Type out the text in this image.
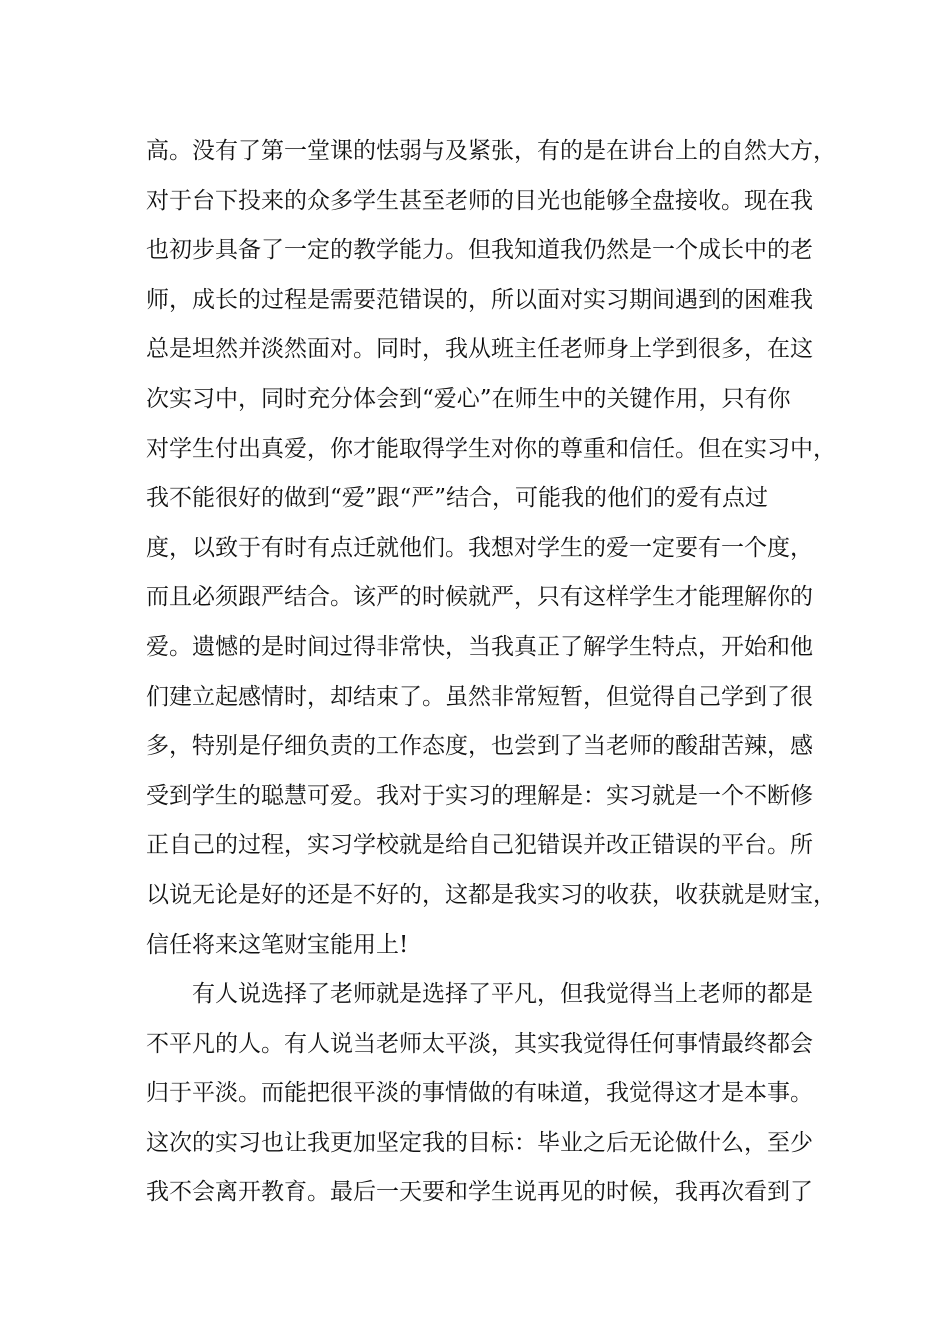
高。没有了第一堂课的怯弱与及紧张，有的是在讲台上的自然大方，
对于台下投来的众多学生甚至老师的目光也能够全盘接收。现在我
也初步具备了一定的教学能力。但我知道我仍然是一个成长中的老
师，成长的过程是需要范错误的，所以面对实习期间遇到的困难我
总是坦然并淡然面对。同时，我从班主任老师身上学到很多，在这
次实习中，同时充分体会到“爱心”在师生中的关键作用，只有你
对学生付出真爱，你才能取得学生对你的尊重和信任。但在实习中，
我不能很好的做到“爱”跟“严”结合，可能我的他们的爱有点过
度，以致于有时有点迁就他们。我想对学生的爱一定要有一个度，
而且必须跟严结合。该严的时候就严，只有这样学生才能理解你的
爱。遗憾的是时间过得非常快，当我真正了解学生特点，开始和他
们建立起感情时，却结束了。虽然非常短暂，但觉得自己学到了很
多，特别是仔细负责的工作态度，也尝到了当老师的酸甜苦辣，感
受到学生的聪慧可爱。我对于实习的理解是：实习就是一个不断修
正自己的过程，实习学校就是给自己犯错误并改正错误的平台。所
以说无论是好的还是不好的，这都是我实习的收获，收获就是财宝，
信任将来这笔财宝能用上!
有人说选择了老师就是选择了平凡，但我觉得当上老师的都是
不平凡的人。有人说当老师太平淡，其实我觉得任何事情最终都会
归于平淡。而能把很平淡的事情做的有味道，我觉得这才是本事。
这次的实习也让我更加坚定我的目标：毕业之后无论做什么，至少
我不会离开教育。最后一天要和学生说再见的时候，我再次看到了
